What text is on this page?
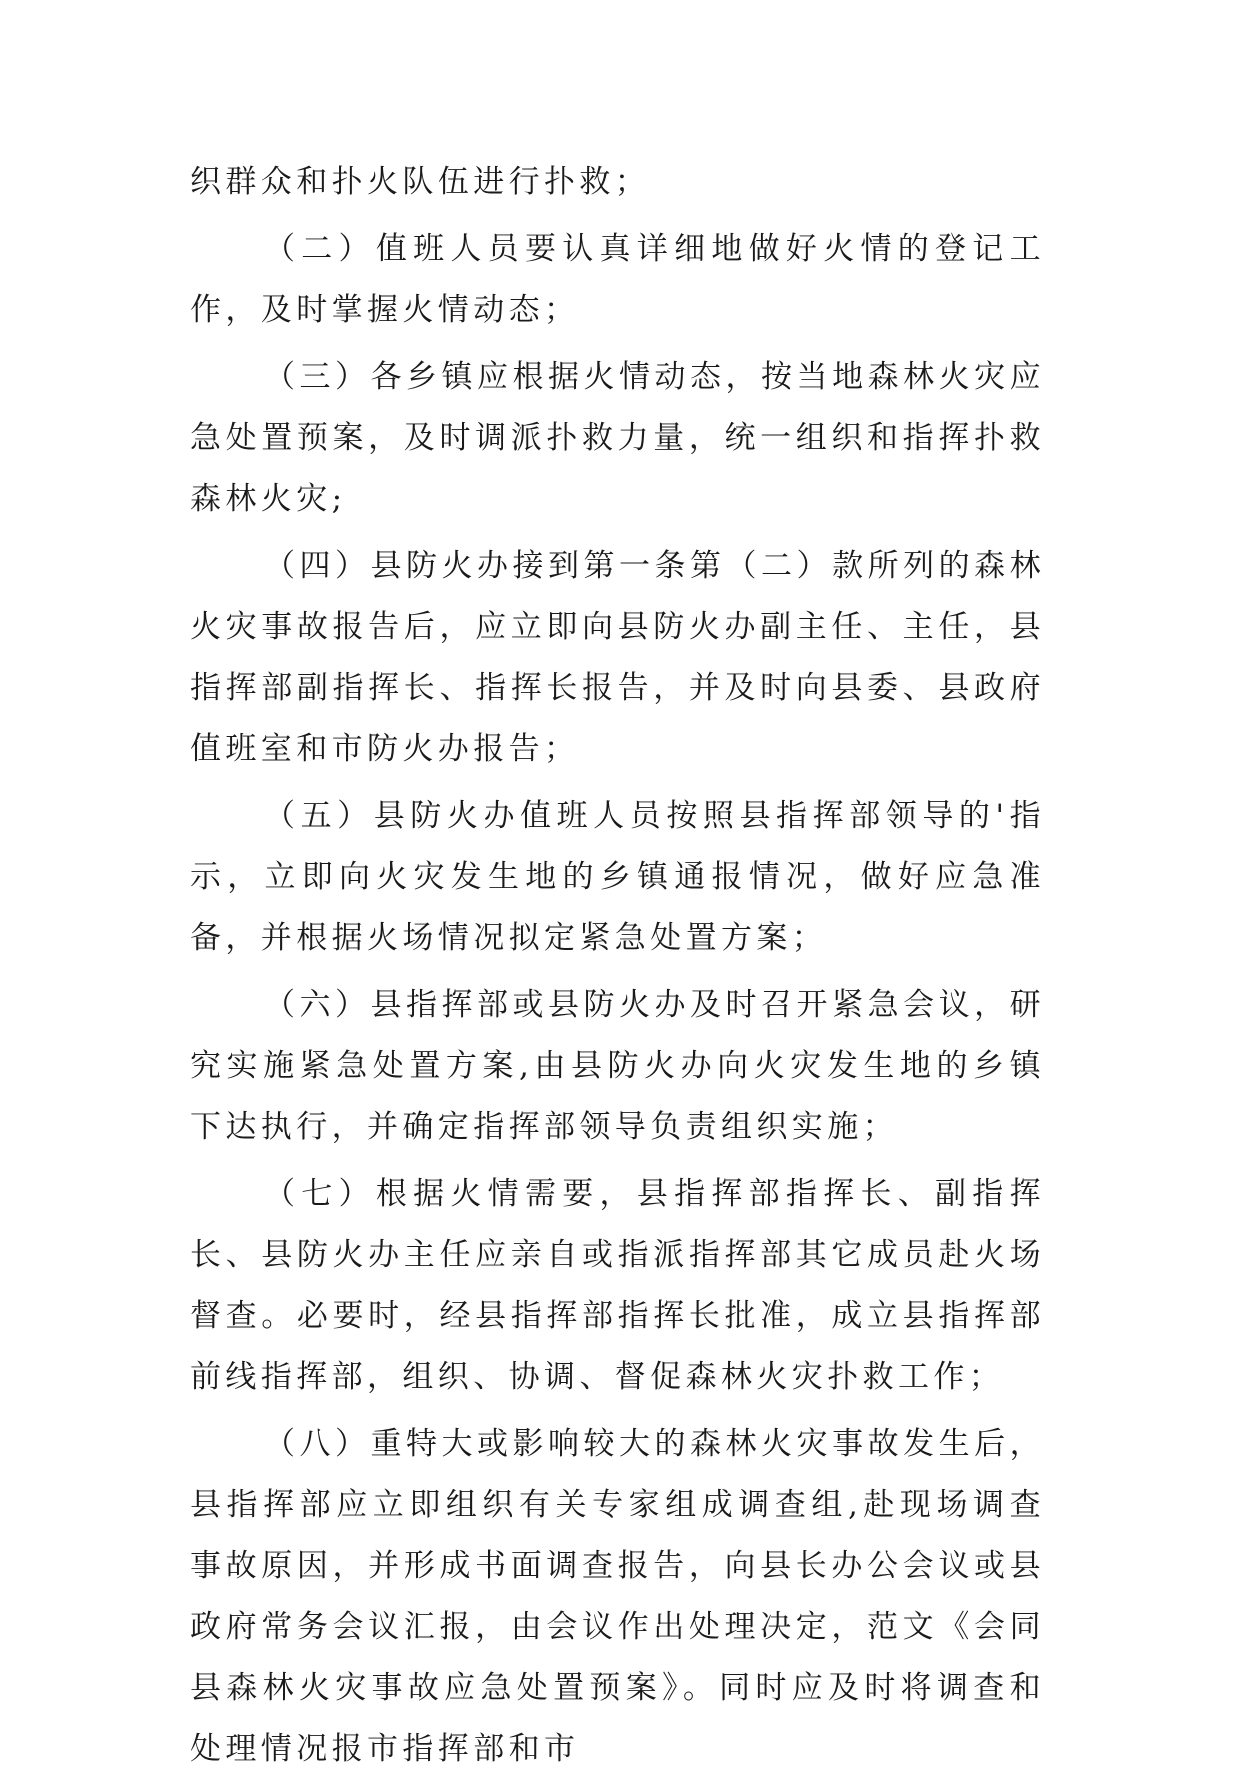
织群众和扑火队伍进行扑救；

（二）值班人员要认真详细地做好火情的登记工作，及时掌握火情动态；

（三）各乡镇应根据火情动态，按当地森林火灾应急处置预案，及时调派扑救力量，统一组织和指挥扑救森林火灾;

（四）县防火办接到第一条第（二）款所列的森林火灾事故报告后，应立即向县防火办副主任、主任，县指挥部副指挥长、指挥长报告，并及时向县委、县政府值班室和市防火办报告；

（五）县防火办值班人员按照县指挥部领导的'指示，立即向火灾发生地的乡镇通报情况，做好应急准备，并根据火场情况拟定紧急处置方案；

（六）县指挥部或县防火办及时召开紧急会议，研究实施紧急处置方案,由县防火办向火灾发生地的乡镇下达执行，并确定指挥部领导负责组织实施；

（七）根据火情需要，县指挥部指挥长、副指挥长、县防火办主任应亲自或指派指挥部其它成员赴火场督查。必要时，经县指挥部指挥长批准，成立县指挥部前线指挥部，组织、协调、督促森林火灾扑救工作；

（八）重特大或影响较大的森林火灾事故发生后，县指挥部应立即组织有关专家组成调查组,赴现场调查事故原因，并形成书面调查报告，向县长办公会议或县政府常务会议汇报，由会议作出处理决定，范文《会同县森林火灾事故应急处置预案》。同时应及时将调查和处理情况报市指挥部和市
